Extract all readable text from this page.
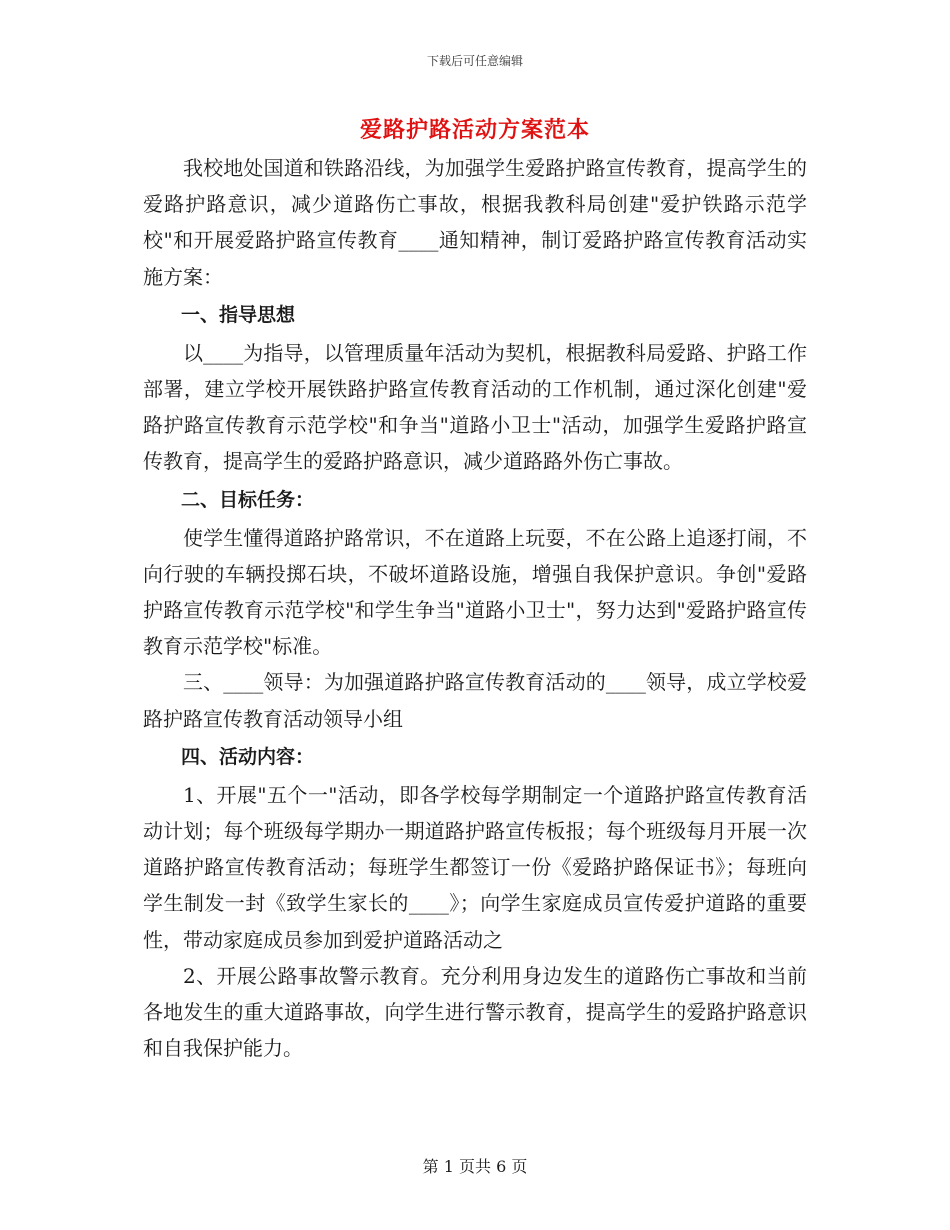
下载后可任意编辑
爱路护路活动方案范本

我校地处国道和铁路沿线，为加强学生爱路护路宣传教育，提高学生的爱路护路意识，减少道路伤亡事故，根据我教科局创建"爱护铁路示范学校"和开展爱路护路宣传教育____通知精神，制订爱路护路宣传教育活动实施方案：

一、指导思想

以____为指导，以管理质量年活动为契机，根据教科局爱路、护路工作部署，建立学校开展铁路护路宣传教育活动的工作机制，通过深化创建"爱路护路宣传教育示范学校"和争当"道路小卫士"活动，加强学生爱路护路宣传教育，提高学生的爱路护路意识，减少道路路外伤亡事故。

二、目标任务：

使学生懂得道路护路常识，不在道路上玩耍，不在公路上追逐打闹，不向行驶的车辆投掷石块，不破坏道路设施，增强自我保护意识。争创"爱路护路宣传教育示范学校"和学生争当"道路小卫士"，努力达到"爱路护路宣传教育示范学校"标准。

三、____领导：为加强道路护路宣传教育活动的____领导，成立学校爱路护路宣传教育活动领导小组

四、活动内容：

1、开展"五个一"活动，即各学校每学期制定一个道路护路宣传教育活动计划；每个班级每学期办一期道路护路宣传板报；每个班级每月开展一次道路护路宣传教育活动；每班学生都签订一份《爱路护路保证书》；每班向学生制发一封《致学生家长的____》；向学生家庭成员宣传爱护道路的重要性，带动家庭成员参加到爱护道路活动之

2、开展公路事故警示教育。充分利用身边发生的道路伤亡事故和当前各地发生的重大道路事故，向学生进行警示教育，提高学生的爱路护路意识和自我保护能力。

第 1 页共 6 页
